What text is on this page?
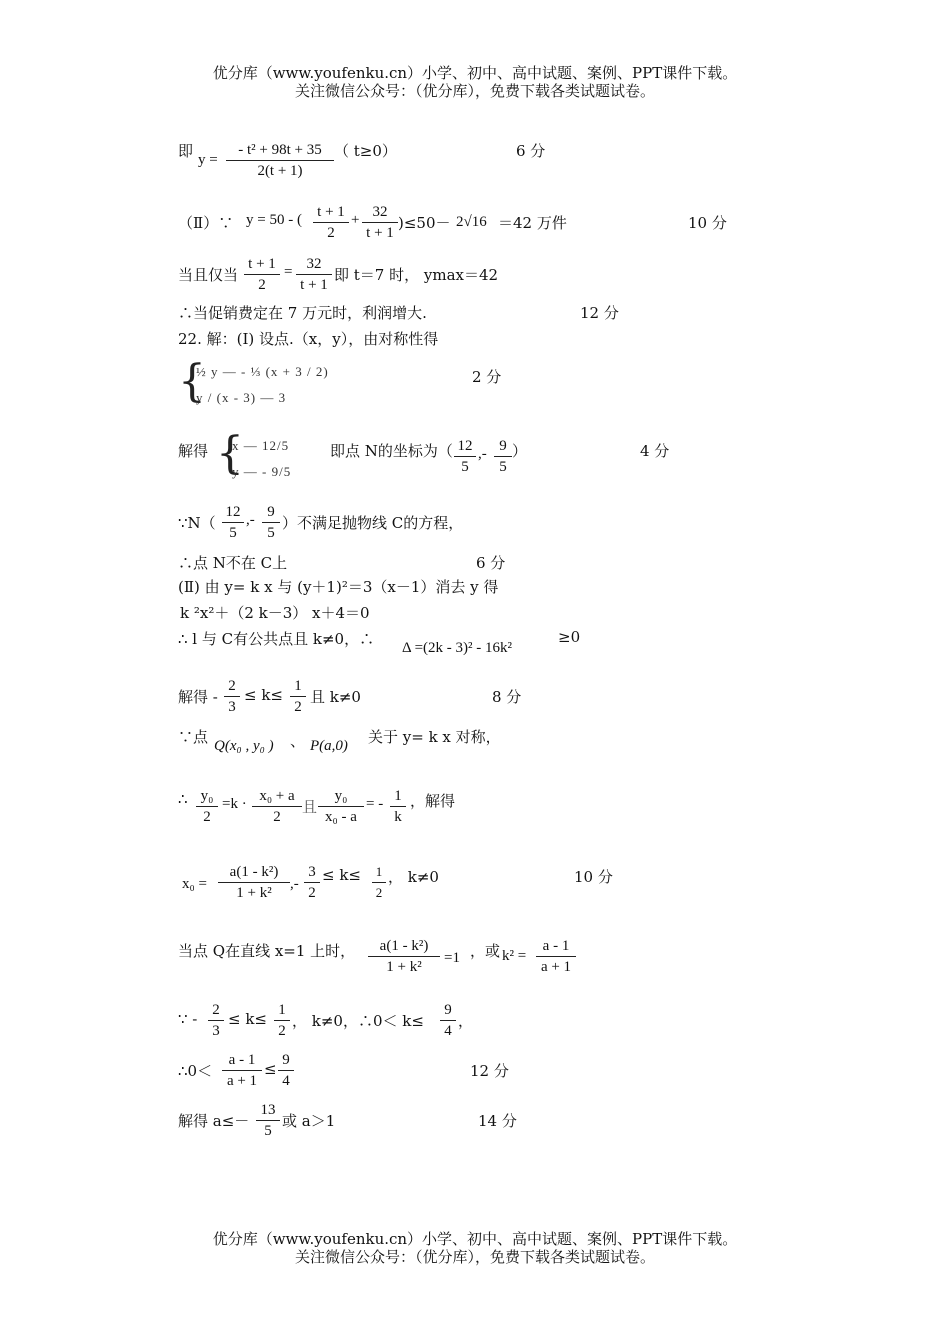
优分库（www.youfenku.cn）小学、初中、高中试题、案例、PPT课件下载。
关注微信公众号：（优分库），免费下载各类试题试卷。
即 $y = \frac{\text{- t² + 98t + 35}}{2(t + 1)}$ （ t≥0）	6 分
（Ⅱ）∵ y = 50 - ( $\frac{t + 1}{2} + \frac{32}{t + 1} )\le 50- 2√16 =42$ 万件	10 分
当且仅当 $\frac{t + 1}{2} = \frac{32}{t + 1}$ 即 t＝7 时， ymax＝42
∴当促销费定在 7 万元时，利润增大.	12 分
22. 解：(Ⅰ) 设点.（x，y），由对称性得
{
½ y — - ⅓ (x + 3 / 2)
y / (x - 3) — 3
2 分
解得 {
x — 12/5
y — - 9/5
即点 N的坐标为（ $\frac{12}{5}$ ,- $\frac{9}{5}$ ）	4 分
∵N（ $\frac{12}{5}$ ,- $\frac{9}{5}$ ）不满足抛物线 C的方程，
∴点 N不在 C上	6 分
(Ⅱ) 由 y= k x 与 (y＋1)²＝3（x－1）消去 y 得
k ²x²＋（2 k－3） x＋4＝0
∴ l 与 C有公共点且 k≠0，∴ Δ =(2k - 3)² - 16k²
≥0
解得 - $\frac{2}{3} \le k\le \frac{1}{2}$ 且 k≠0	8 分
∵点 Q(x₀ , y₀ ) 、 P(a,0) 关于 y= k x 对称，
∴ $\frac{\text{y₀}}{2} =k \cdot \frac{\text{x₀ + a}}{2}$ 且 $\frac{\text{y₀}}{\text{x₀ - a}}$ = - $\frac{1}{k}$ ，解得
$x_0 = \frac{\text{a(1 - k²)}}{\text{1 + k²}}$ ,- $\frac{3}{2} \le k\le \frac{1}{2}$ ， k≠0	10 分
当点 Q在直线 x=1 上时， $\frac{\text{a(1 - k²)}}{\text{1 + k²}} =1$ ，或 $k^2 = \frac{a - 1}{a + 1}$
∵ - $\frac{2}{3} \le k\le \frac{1}{2}$ ， k≠0，∴0＜ $k\le \frac{9}{4}$ ，
∴0＜ $\frac{a - 1}{a + 1} \le \frac{9}{4}$	12 分
解得 $a\le- \frac{13}{5}$ 或 a＞1	14 分
优分库（www.youfenku.cn）小学、初中、高中试题、案例、PPT课件下载。
关注微信公众号：（优分库），免费下载各类试题试卷。
